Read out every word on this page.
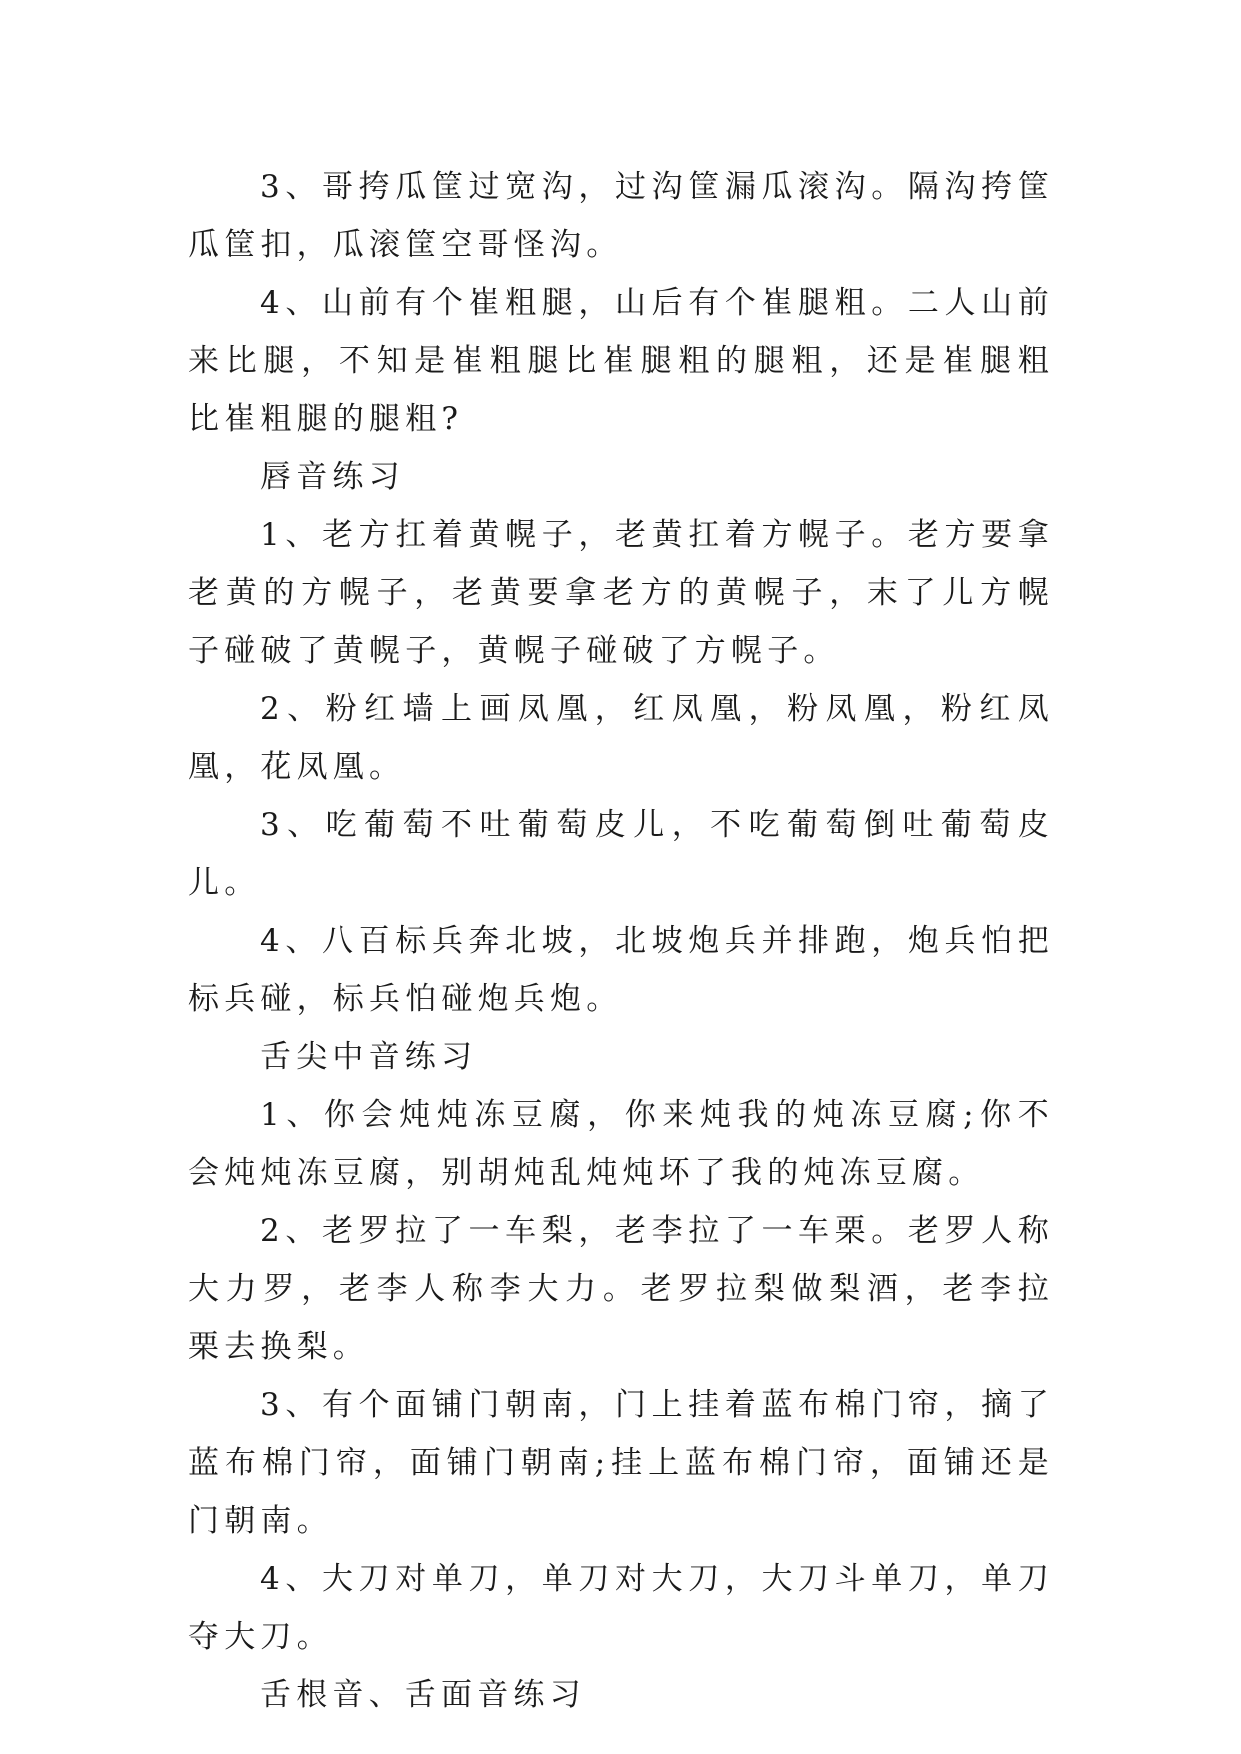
3、哥挎瓜筐过宽沟，过沟筐漏瓜滚沟。隔沟挎筐瓜筐扣，瓜滚筐空哥怪沟。

4、山前有个崔粗腿，山后有个崔腿粗。二人山前来比腿，不知是崔粗腿比崔腿粗的腿粗，还是崔腿粗比崔粗腿的腿粗?

唇音练习

1、老方扛着黄幌子，老黄扛着方幌子。老方要拿老黄的方幌子，老黄要拿老方的黄幌子，末了儿方幌子碰破了黄幌子，黄幌子碰破了方幌子。

2、粉红墙上画凤凰，红凤凰，粉凤凰，粉红凤凰，花凤凰。

3、吃葡萄不吐葡萄皮儿，不吃葡萄倒吐葡萄皮儿。

4、八百标兵奔北坡，北坡炮兵并排跑，炮兵怕把标兵碰，标兵怕碰炮兵炮。

舌尖中音练习

1、你会炖炖冻豆腐，你来炖我的炖冻豆腐;你不会炖炖冻豆腐，别胡炖乱炖炖坏了我的炖冻豆腐。

2、老罗拉了一车梨，老李拉了一车栗。老罗人称大力罗，老李人称李大力。老罗拉梨做梨酒，老李拉栗去换梨。

3、有个面铺门朝南，门上挂着蓝布棉门帘，摘了蓝布棉门帘，面铺门朝南;挂上蓝布棉门帘，面铺还是门朝南。

4、大刀对单刀，单刀对大刀，大刀斗单刀，单刀夺大刀。

舌根音、舌面音练习
